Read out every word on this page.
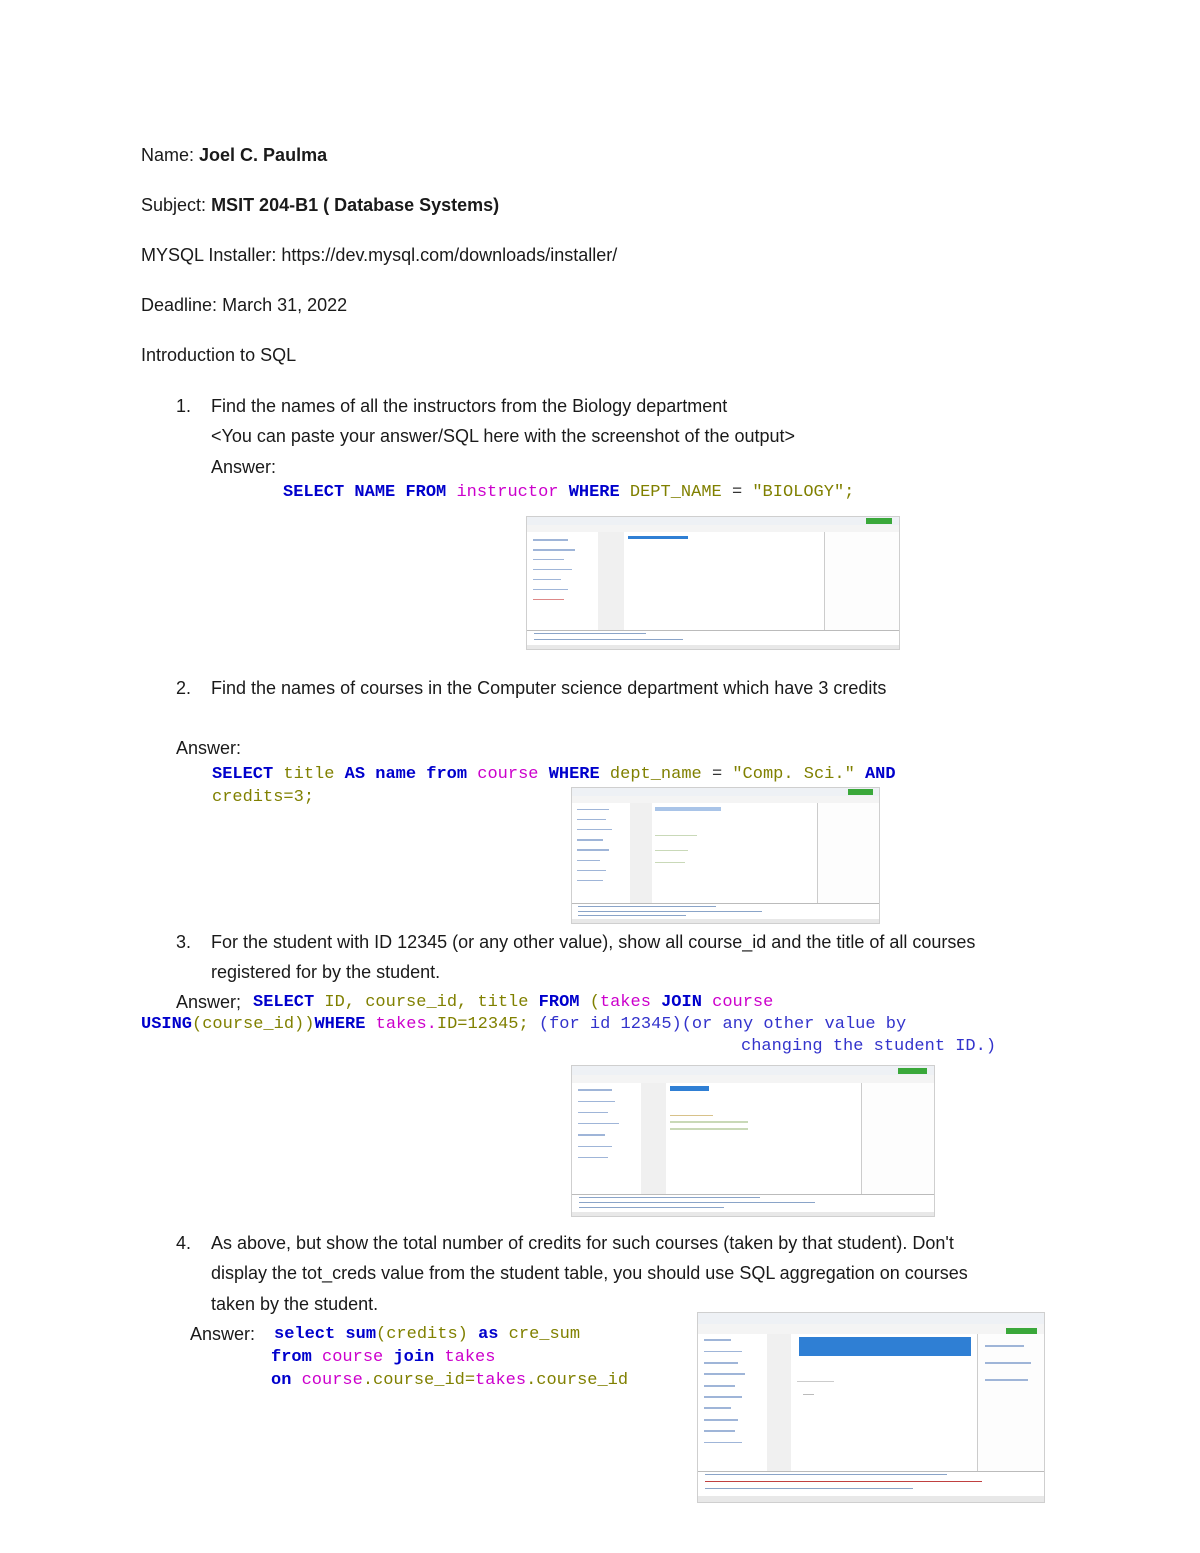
Name: Joel C. Paulma
Subject: MSIT 204-B1 ( Database Systems)
MYSQL Installer: https://dev.mysql.com/downloads/installer/
Deadline: March 31, 2022
Introduction to SQL
1. Find the names of all the instructors from the Biology department
<You can paste your answer/SQL here with the screenshot of the output>
Answer:
SELECT NAME FROM instructor WHERE DEPT_NAME = "BIOLOGY";
2. Find the names of courses in the Computer science department which have 3 credits
Answer:
SELECT title AS name from course WHERE dept_name = "Comp. Sci." AND
credits=3;
3. For the student with ID 12345 (or any other value), show all course_id and the title of all courses
registered for by the student.
Answer; SELECT ID, course_id, title FROM (takes JOIN course
USING(course_id))WHERE takes.ID=12345; (for id 12345)(or any other value by
changing the student ID.)
4. As above, but show the total number of credits for such courses (taken by that student). Don't
display the tot_creds value from the student table, you should use SQL aggregation on courses
taken by the student.
Answer: select sum(credits) as cre_sum
from course join takes
on course.course_id=takes.course_id
